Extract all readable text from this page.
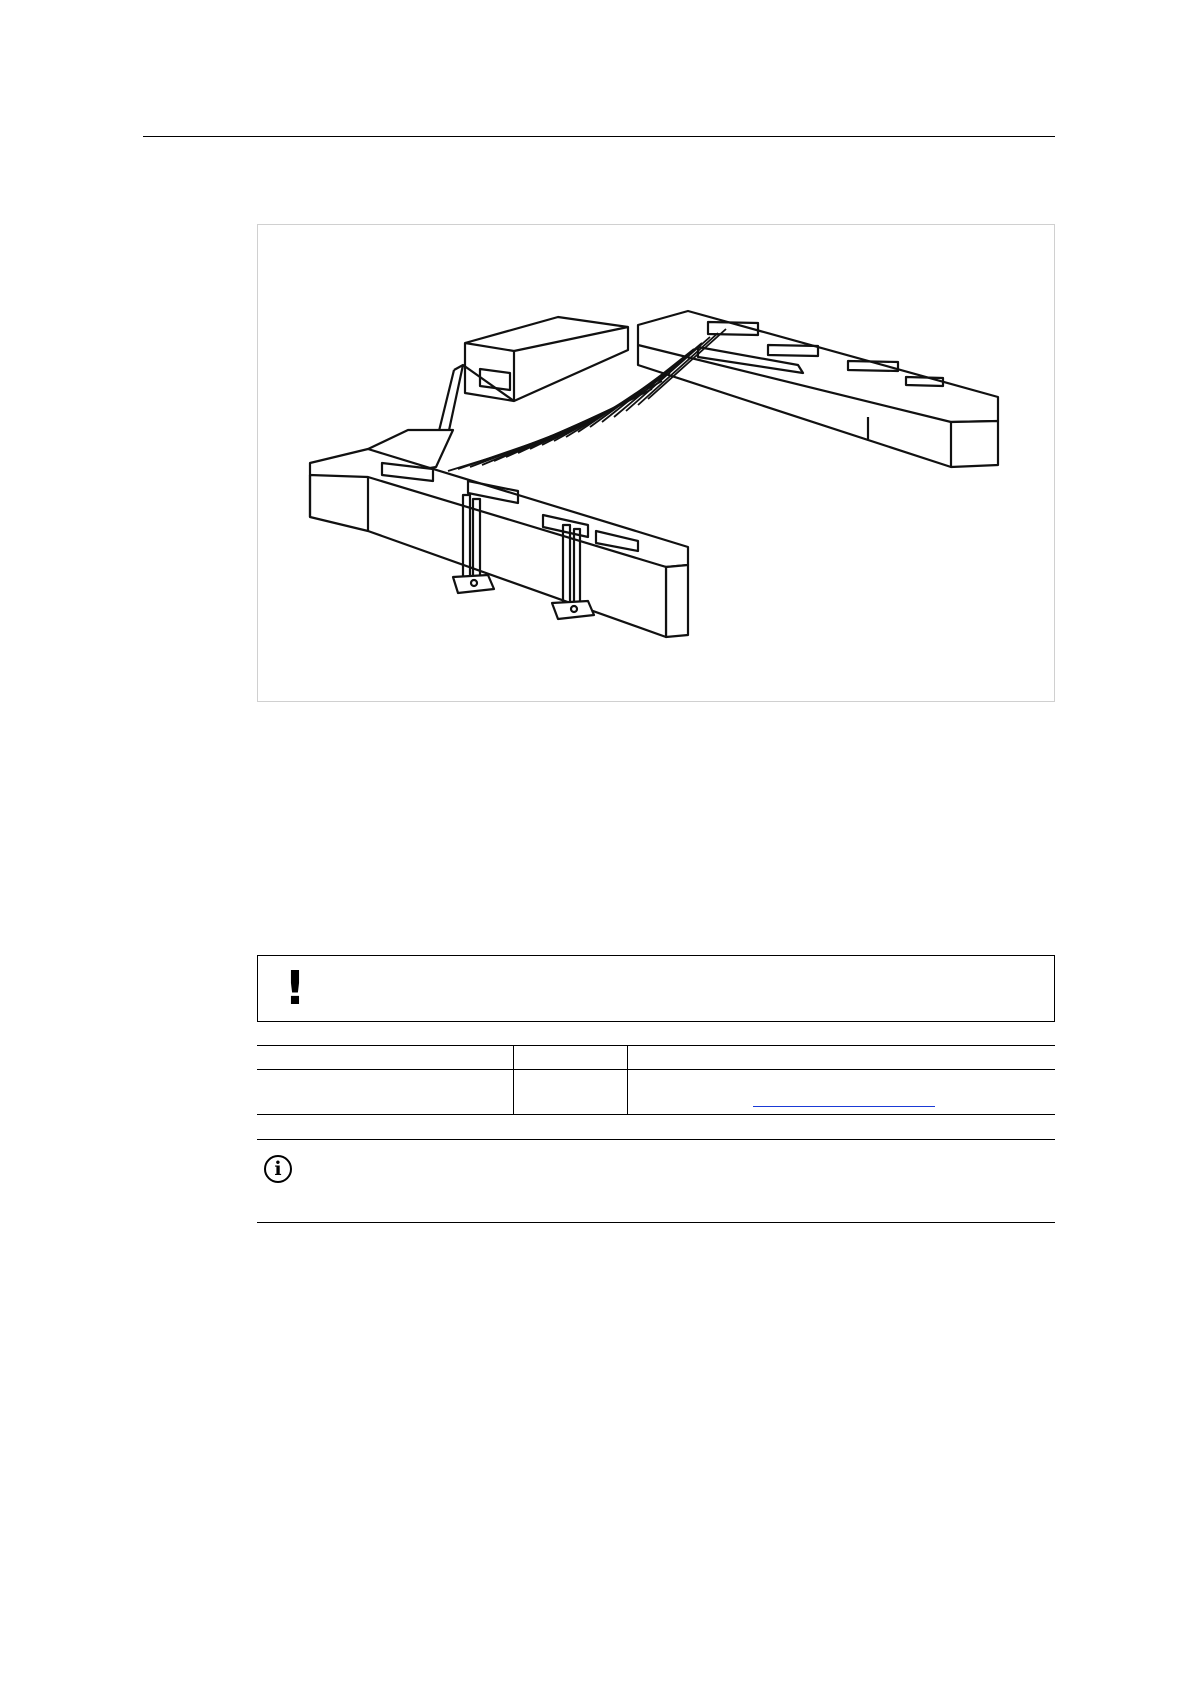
!
i
